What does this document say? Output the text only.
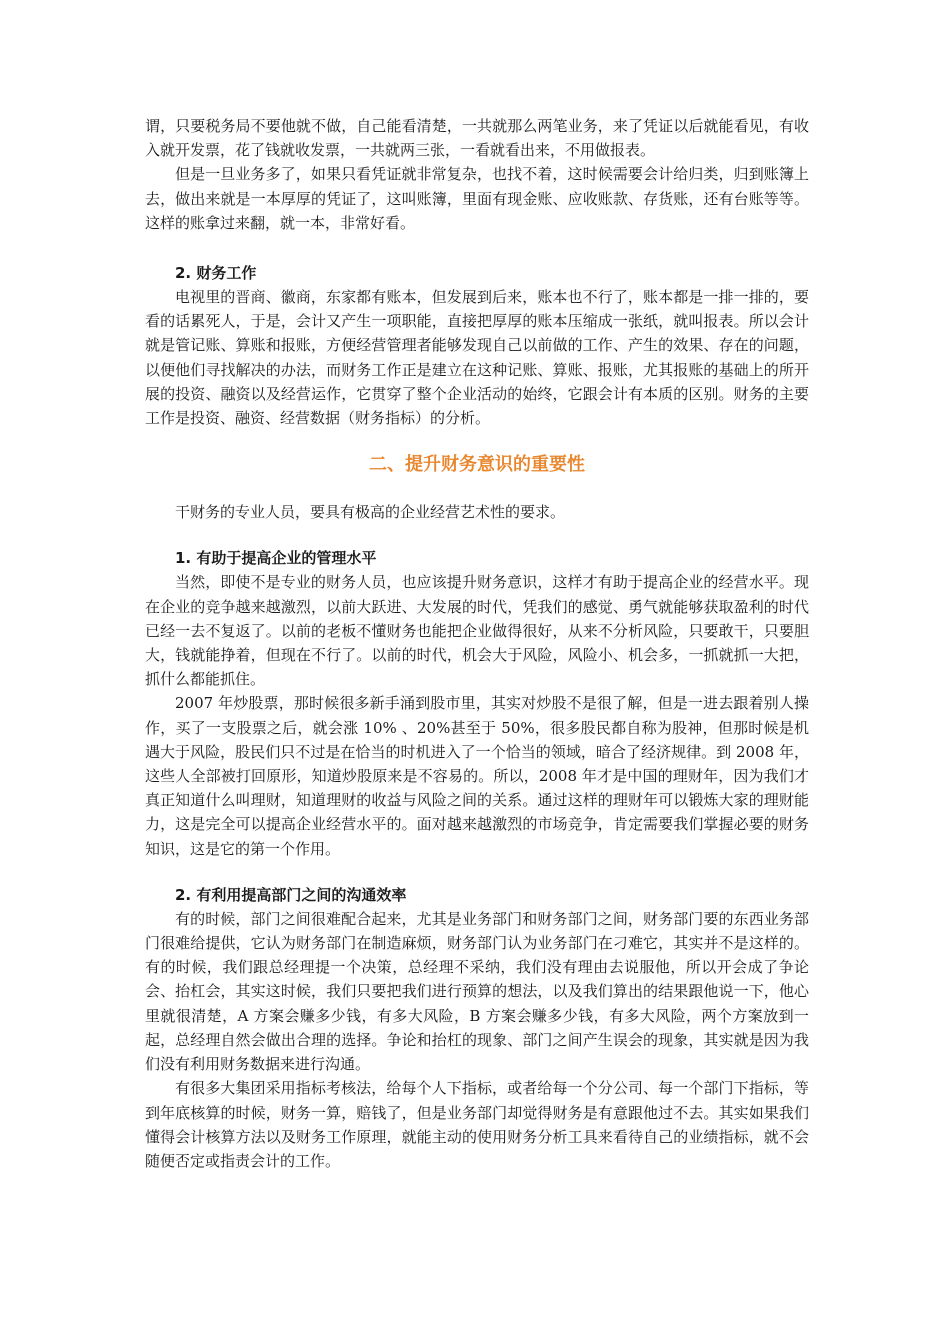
谓，只要税务局不要他就不做，自己能看清楚，一共就那么两笔业务，来了凭证以后就能看见，有收入就开发票，花了钱就收发票，一共就两三张，一看就看出来，不用做报表。

但是一旦业务多了，如果只看凭证就非常复杂，也找不着，这时候需要会计给归类，归到账簿上去，做出来就是一本厚厚的凭证了，这叫账簿，里面有现金账、应收账款、存货账，还有台账等等。这样的账拿过来翻，就一本，非常好看。

2. 财务工作

电视里的晋商、徽商，东家都有账本，但发展到后来，账本也不行了，账本都是一排一排的，要看的话累死人，于是，会计又产生一项职能，直接把厚厚的账本压缩成一张纸，就叫报表。所以会计就是管记账、算账和报账，方便经营管理者能够发现自己以前做的工作、产生的效果、存在的问题，以便他们寻找解决的办法，而财务工作正是建立在这种记账、算账、报账，尤其报账的基础上的所开展的投资、融资以及经营运作，它贯穿了整个企业活动的始终，它跟会计有本质的区别。财务的主要工作是投资、融资、经营数据（财务指标）的分析。

二、提升财务意识的重要性

干财务的专业人员，要具有极高的企业经营艺术性的要求。

1. 有助于提高企业的管理水平

当然，即使不是专业的财务人员，也应该提升财务意识，这样才有助于提高企业的经营水平。现在企业的竞争越来越激烈，以前大跃进、大发展的时代，凭我们的感觉、勇气就能够获取盈利的时代已经一去不复返了。以前的老板不懂财务也能把企业做得很好，从来不分析风险，只要敢干，只要胆大，钱就能挣着，但现在不行了。以前的时代，机会大于风险，风险小、机会多，一抓就抓一大把，抓什么都能抓住。

2007 年炒股票，那时候很多新手涌到股市里，其实对炒股不是很了解，但是一进去跟着别人操作，买了一支股票之后，就会涨 10% 、20%甚至于 50%，很多股民都自称为股神，但那时候是机遇大于风险，股民们只不过是在恰当的时机进入了一个恰当的领域，暗合了经济规律。到 2008 年，这些人全部被打回原形，知道炒股原来是不容易的。所以，2008 年才是中国的理财年，因为我们才真正知道什么叫理财，知道理财的收益与风险之间的关系。通过这样的理财年可以锻炼大家的理财能力，这是完全可以提高企业经营水平的。面对越来越激烈的市场竞争，肯定需要我们掌握必要的财务知识，这是它的第一个作用。

2. 有利用提高部门之间的沟通效率

有的时候，部门之间很难配合起来，尤其是业务部门和财务部门之间，财务部门要的东西业务部门很难给提供，它认为财务部门在制造麻烦，财务部门认为业务部门在刁难它，其实并不是这样的。有的时候，我们跟总经理提一个决策，总经理不采纳，我们没有理由去说服他，所以开会成了争论会、抬杠会，其实这时候，我们只要把我们进行预算的想法，以及我们算出的结果跟他说一下，他心里就很清楚，A 方案会赚多少钱，有多大风险，B 方案会赚多少钱，有多大风险，两个方案放到一起，总经理自然会做出合理的选择。争论和抬杠的现象、部门之间产生误会的现象，其实就是因为我们没有利用财务数据来进行沟通。

有很多大集团采用指标考核法，给每个人下指标，或者给每一个分公司、每一个部门下指标，等到年底核算的时候，财务一算，赔钱了，但是业务部门却觉得财务是有意跟他过不去。其实如果我们懂得会计核算方法以及财务工作原理，就能主动的使用财务分析工具来看待自己的业绩指标，就不会随便否定或指责会计的工作。
